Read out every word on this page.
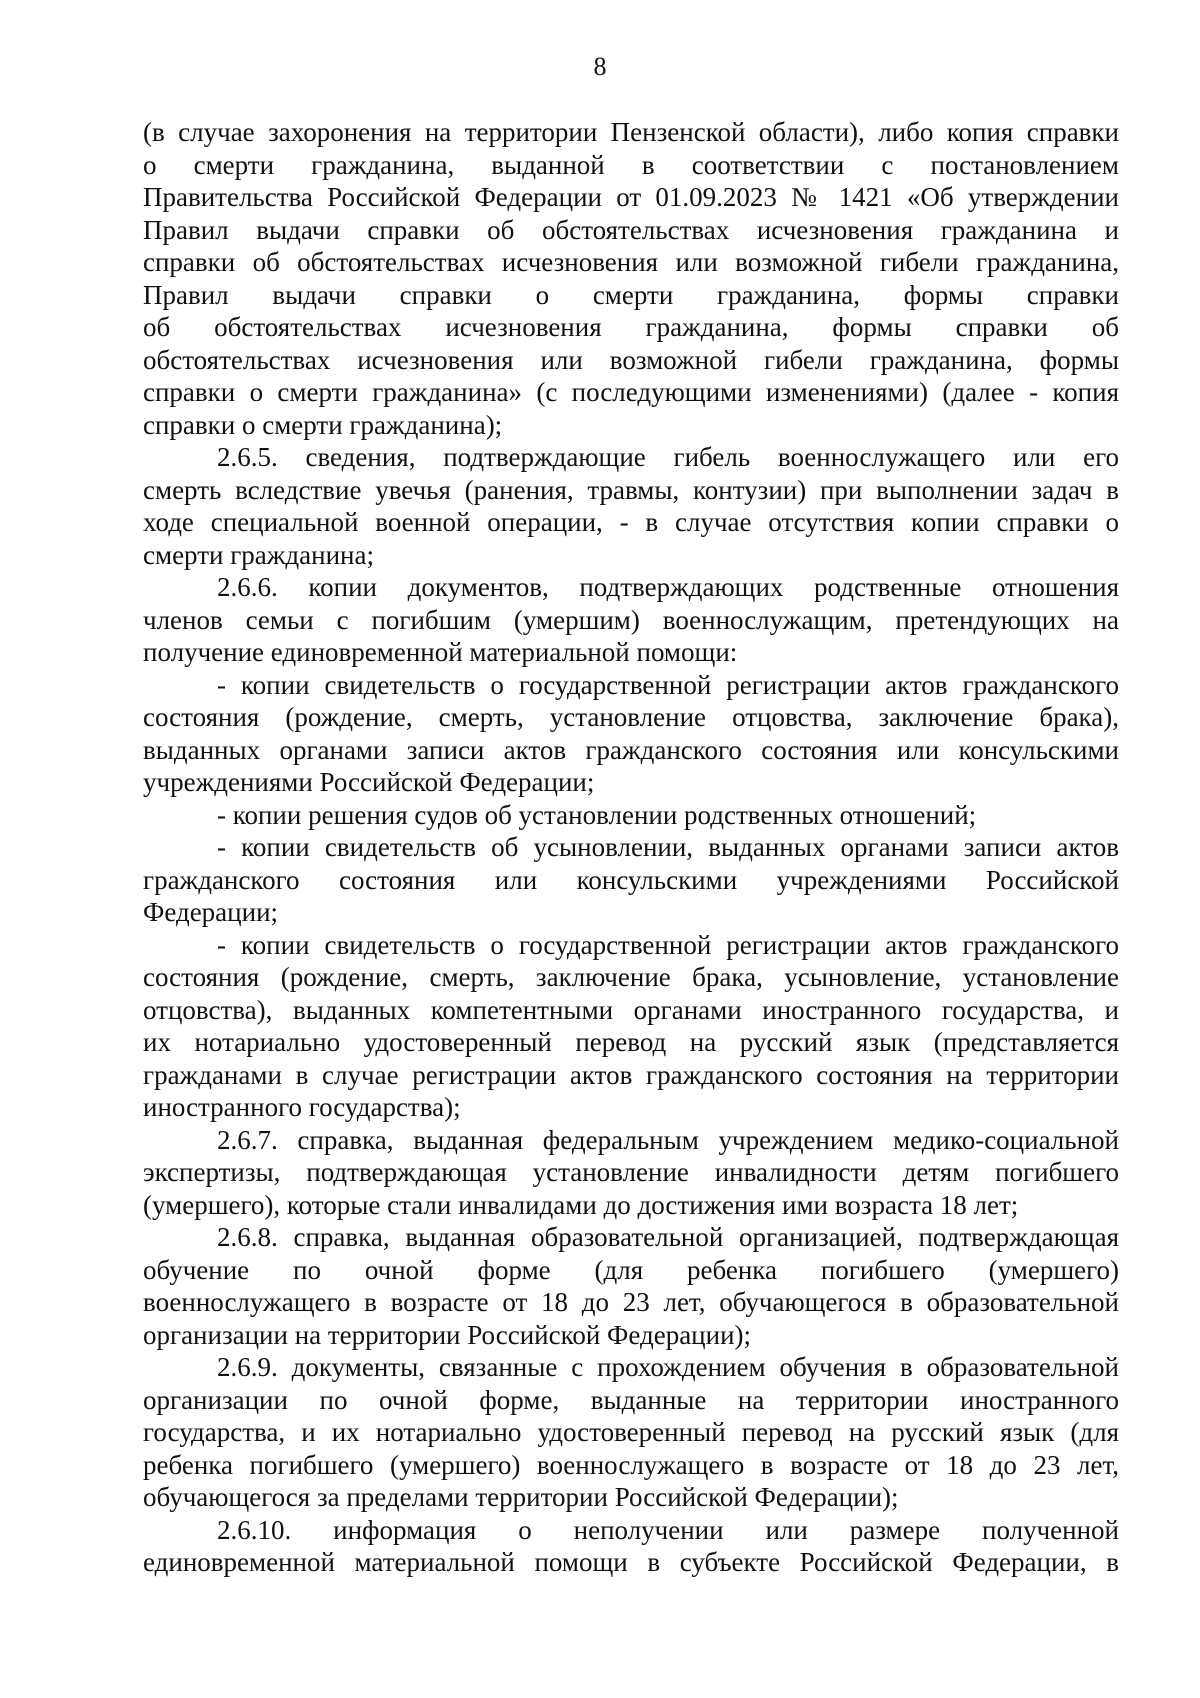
8

(в случае захоронения на территории Пензенской области), либо копия справки
о смерти гражданина, выданной в соответствии с постановлением
Правительства Российской Федерации от 01.09.2023 № 1421 «Об утверждении
Правил выдачи справки об обстоятельствах исчезновения гражданина и
справки об обстоятельствах исчезновения или возможной гибели гражданина,
Правил выдачи справки о смерти гражданина, формы справки
об обстоятельствах исчезновения гражданина, формы справки об
обстоятельствах исчезновения или возможной гибели гражданина, формы
справки о смерти гражданина» (с последующими изменениями) (далее - копия
справки о смерти гражданина);
2.6.5. сведения, подтверждающие гибель военнослужащего или его
смерть вследствие увечья (ранения, травмы, контузии) при выполнении задач в
ходе специальной военной операции, - в случае отсутствия копии справки о
смерти гражданина;
2.6.6. копии документов, подтверждающих родственные отношения
членов семьи с погибшим (умершим) военнослужащим, претендующих на
получение единовременной материальной помощи:
- копии свидетельств о государственной регистрации актов гражданского
состояния (рождение, смерть, установление отцовства, заключение брака),
выданных органами записи актов гражданского состояния или консульскими
учреждениями Российской Федерации;
- копии решения судов об установлении родственных отношений;
- копии свидетельств об усыновлении, выданных органами записи актов
гражданского состояния или консульскими учреждениями Российской
Федерации;
- копии свидетельств о государственной регистрации актов гражданского
состояния (рождение, смерть, заключение брака, усыновление, установление
отцовства), выданных компетентными органами иностранного государства, и
их нотариально удостоверенный перевод на русский язык (представляется
гражданами в случае регистрации актов гражданского состояния на территории
иностранного государства);
2.6.7. справка, выданная федеральным учреждением медико-социальной
экспертизы, подтверждающая установление инвалидности детям погибшего
(умершего), которые стали инвалидами до достижения ими возраста 18 лет;
2.6.8. справка, выданная образовательной организацией, подтверждающая
обучение по очной форме (для ребенка погибшего (умершего)
военнослужащего в возрасте от 18 до 23 лет, обучающегося в образовательной
организации на территории Российской Федерации);
2.6.9. документы, связанные с прохождением обучения в образовательной
организации по очной форме, выданные на территории иностранного
государства, и их нотариально удостоверенный перевод на русский язык (для
ребенка погибшего (умершего) военнослужащего в возрасте от 18 до 23 лет,
обучающегося за пределами территории Российской Федерации);
2.6.10. информация о неполучении или размере полученной
единовременной материальной помощи в субъекте Российской Федерации, в
